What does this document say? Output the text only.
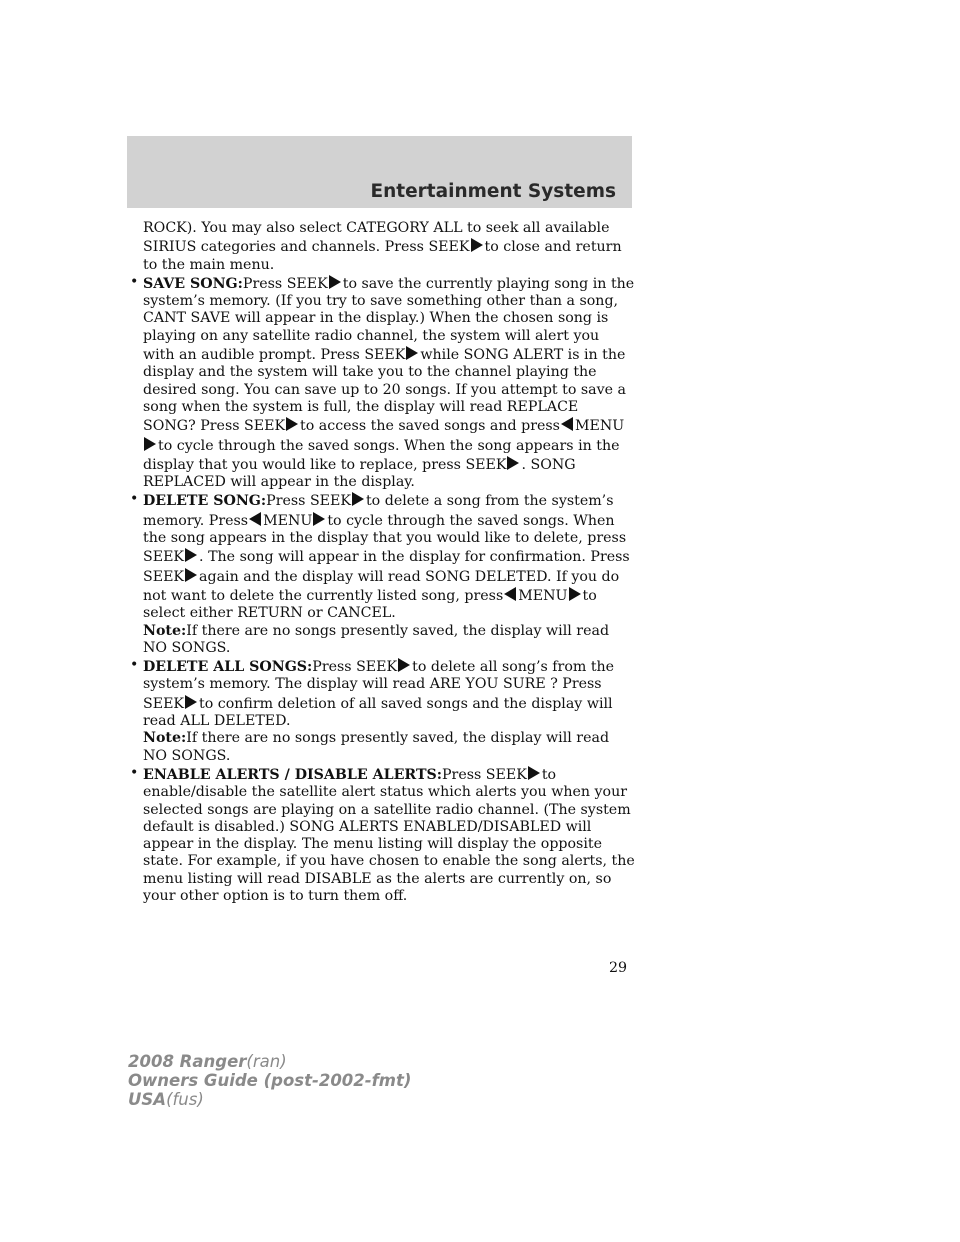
Entertainment Systems

ROCK). You may also select CATEGORY ALL to seek all available
SIRIUS categories and channels. Press SEEK to close and return
to the main menu.

• SAVE SONG:Press SEEK to save the currently playing song in the system’s memory. (If you try to save something other than a song, CANT SAVE will appear in the display.) When the chosen song is playing on any satellite radio channel, the system will alert you with an audible prompt. Press SEEK while SONG ALERT is in the display and the system will take you to the channel playing the desired song. You can save up to 20 songs. If you attempt to save a song when the system is full, the display will read REPLACE SONG? Press SEEK to access the saved songs and press MENUto cycle through the saved songs. When the song appears in the display that you would like to replace, press SEEK . SONG REPLACED will appear in the display.

• DELETE SONG:Press SEEK to delete a song from the system’s memory. Press MENU to cycle through the saved songs. When the song appears in the display that you would like to delete, press SEEK . The song will appear in the display for confirmation. Press SEEK again and the display will read SONG DELETED. If you do not want to delete the currently listed song, press MENU to select either RETURN or CANCEL.
Note:If there are no songs presently saved, the display will read NO SONGS.

• DELETE ALL SONGS:Press SEEK to delete all song’s from the system’s memory. The display will read ARE YOU SURE ? Press SEEK to confirm deletion of all saved songs and the display will read ALL DELETED.
Note:If there are no songs presently saved, the display will read NO SONGS.

• ENABLE ALERTS / DISABLE ALERTS:Press SEEK to enable/disable the satellite alert status which alerts you when your selected songs are playing on a satellite radio channel. (The system default is disabled.) SONG ALERTS ENABLED/DISABLED will appear in the display. The menu listing will display the opposite state. For example, if you have chosen to enable the song alerts, the menu listing will read DISABLE as the alerts are currently on, so your other option is to turn them off.

29
2008 Ranger(ran)
Owners Guide (post-2002-fmt)
USA(fus)
